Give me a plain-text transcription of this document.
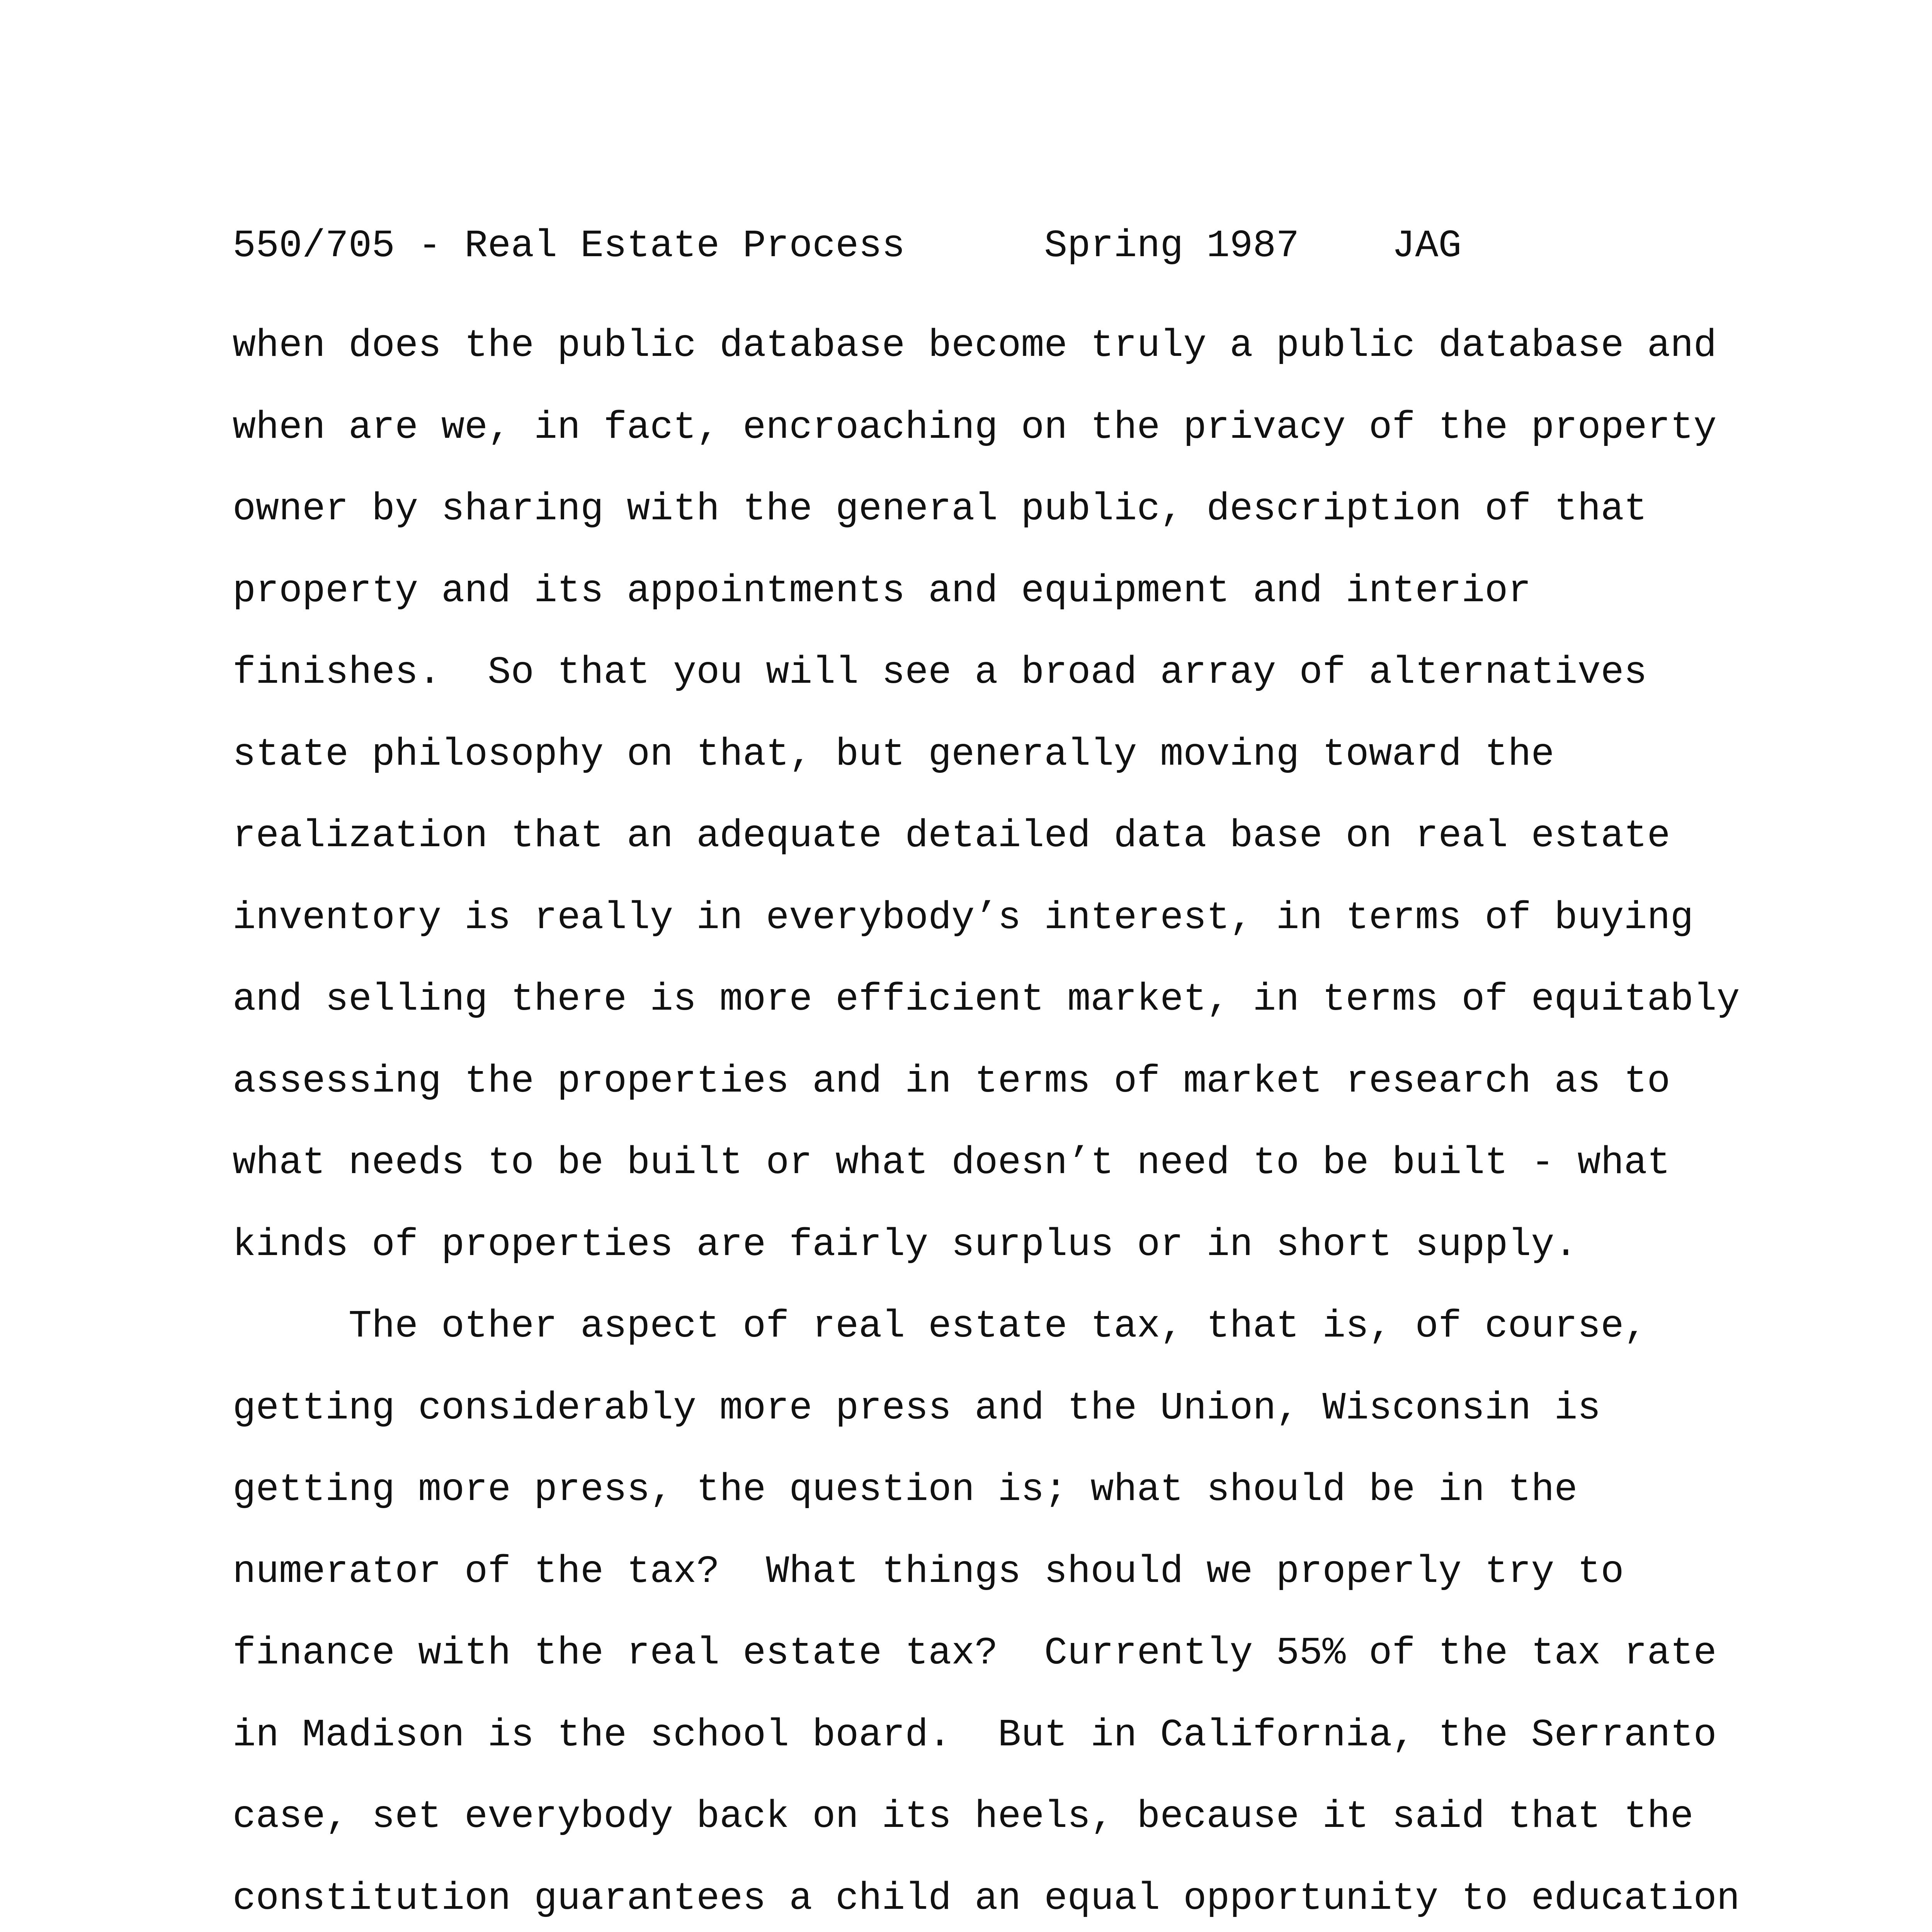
550/705 - Real Estate Process	Spring 1987 JAG
when does the public database become truly a public database and
when are we, in fact, encroaching on the privacy of the property
owner by sharing with the general public, description of that
property and its appointments and equipment and interior
finishes.  So that you will see a broad array of alternatives
state philosophy on that, but generally moving toward the
realization that an adequate detailed data base on real estate
inventory is really in everybody’s interest, in terms of buying
and selling there is more efficient market, in terms of equitably
assessing the properties and in terms of market research as to
what needs to be built or what doesn’t need to be built - what
kinds of properties are fairly surplus or in short supply.
The other aspect of real estate tax, that is, of course,
getting considerably more press and the Union, Wisconsin is
getting more press, the question is; what should be in the
numerator of the tax?  What things should we properly try to
finance with the real estate tax?  Currently 55% of the tax rate
in Madison is the school board.  But in California, the Serranto
case, set everybody back on its heels, because it said that the
constitution guarantees a child an equal opportunity to education
